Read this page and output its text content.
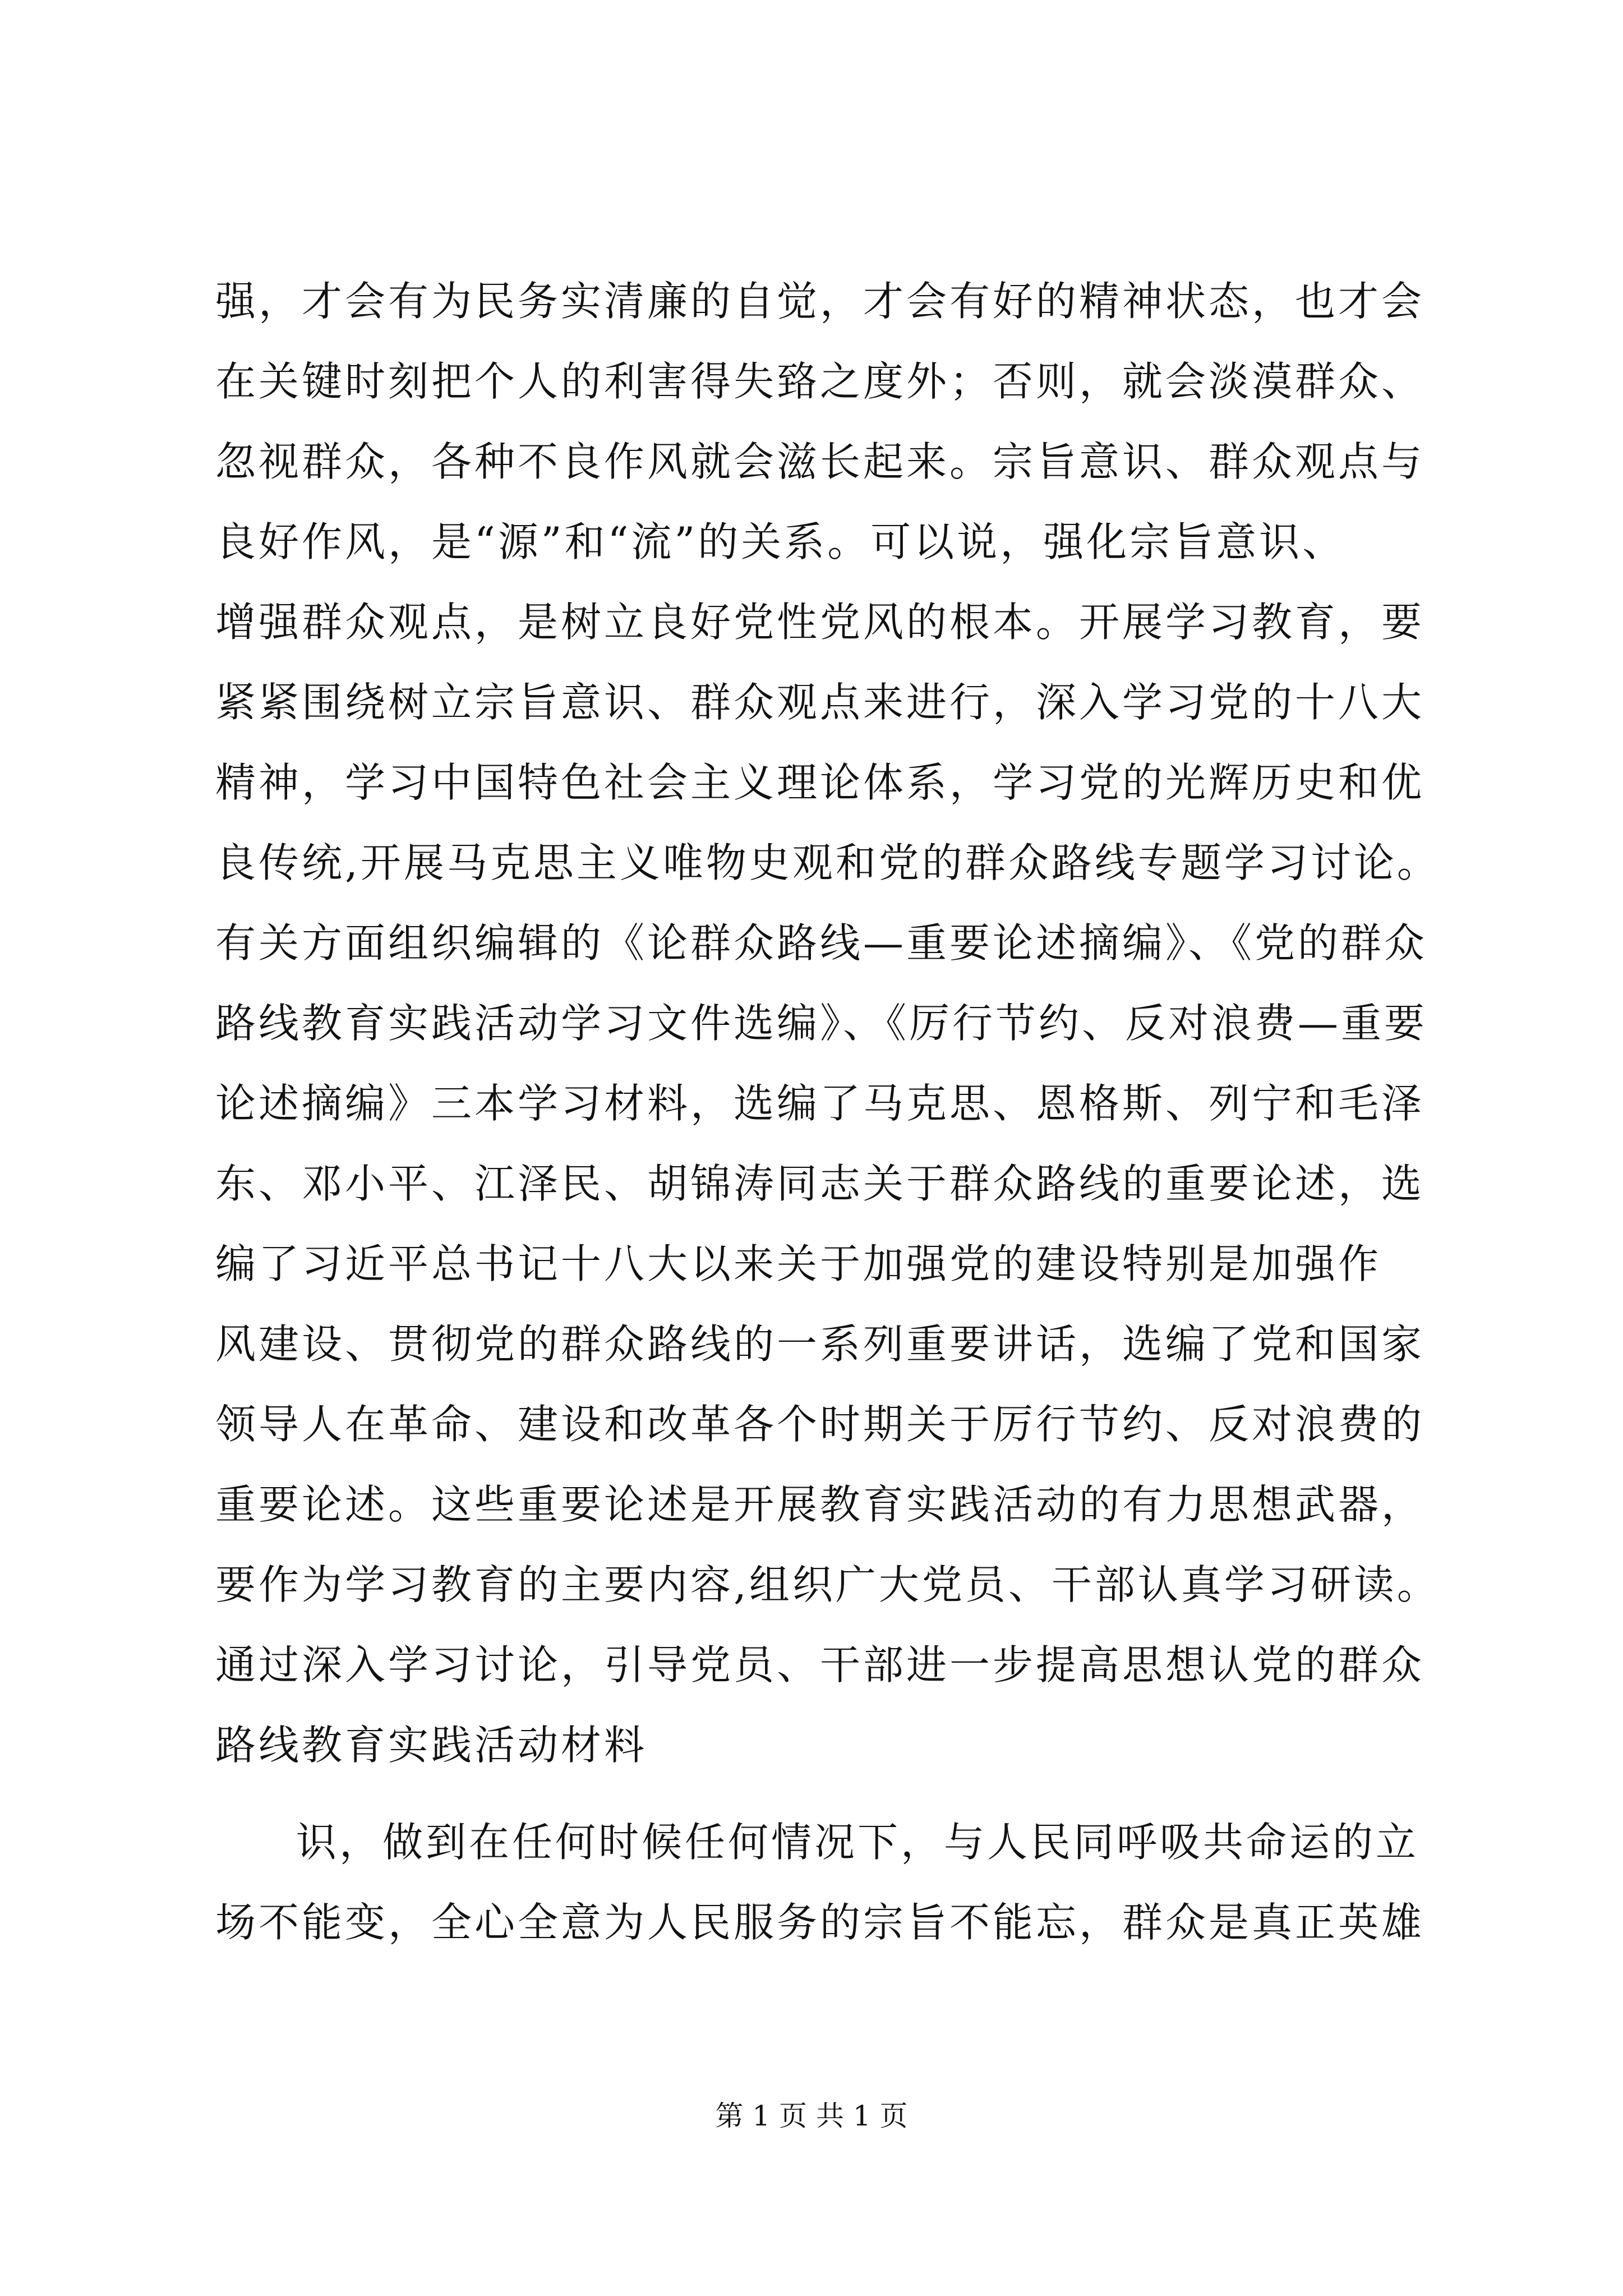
强，才会有为民务实清廉的自觉，才会有好的精神状态，也才会
在关键时刻把个人的利害得失臵之度外；否则，就会淡漠群众、
忽视群众，各种不良作风就会滋长起来。宗旨意识、群众观点与
良好作风，是“源”和“流”的关系。可以说，强化宗旨意识、
增强群众观点，是树立良好党性党风的根本。开展学习教育，要
紧紧围绕树立宗旨意识、群众观点来进行，深入学习党的十八大
精神，学习中国特色社会主义理论体系，学习党的光辉历史和优
良传统,开展马克思主义唯物史观和党的群众路线专题学习讨论。
有关方面组织编辑的《论群众路线—重要论述摘编》、《党的群众
路线教育实践活动学习文件选编》、《厉行节约、反对浪费—重要
论述摘编》三本学习材料，选编了马克思、恩格斯、列宁和毛泽
东、邓小平、江泽民、胡锦涛同志关于群众路线的重要论述，选
编了习近平总书记十八大以来关于加强党的建设特别是加强作
风建设、贯彻党的群众路线的一系列重要讲话，选编了党和国家
领导人在革命、建设和改革各个时期关于厉行节约、反对浪费的
重要论述。这些重要论述是开展教育实践活动的有力思想武器，
要作为学习教育的主要内容,组织广大党员、干部认真学习研读。
通过深入学习讨论，引导党员、干部进一步提高思想认党的群众
路线教育实践活动材料
识，做到在任何时候任何情况下，与人民同呼吸共命运的立
场不能变，全心全意为人民服务的宗旨不能忘，群众是真正英雄
第 1 页 共 1 页
